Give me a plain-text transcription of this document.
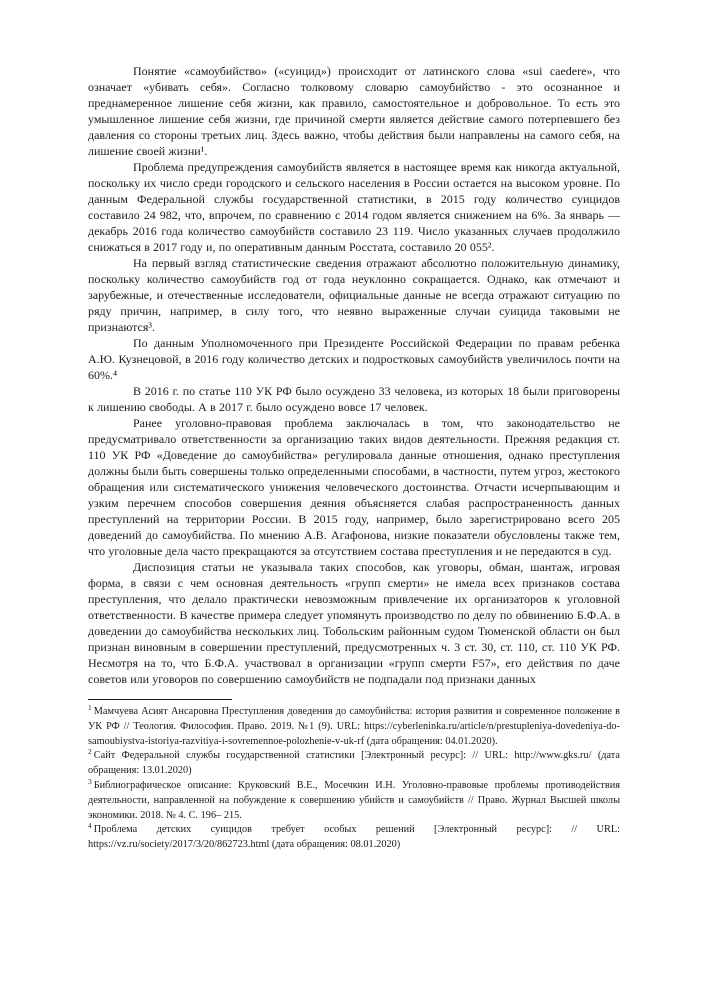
Понятие «самоубийство» («суицид») происходит от латинского слова «sui caedere», что означает «убивать себя». Согласно толковому словарю самоубийство - это осознанное и преднамеренное лишение себя жизни, как правило, самостоятельное и добровольное. То есть это умышленное лишение себя жизни, где причиной смерти является действие самого потерпевшего без давления со стороны третьих лиц. Здесь важно, чтобы действия были направлены на самого себя, на лишение своей жизни¹.

Проблема предупреждения самоубийств является в настоящее время как никогда актуальной, поскольку их число среди городского и сельского населения в России остается на высоком уровне. По данным Федеральной службы государственной статистики, в 2015 году количество суицидов составило 24 982, что, впрочем, по сравнению с 2014 годом является снижением на 6%. За январь — декабрь 2016 года количество самоубийств составило 23 119. Число указанных случаев продолжило снижаться в 2017 году и, по оперативным данным Росстата, составило 20 055².

На первый взгляд статистические сведения отражают абсолютно положительную динамику, поскольку количество самоубийств год от года неуклонно сокращается. Однако, как отмечают и зарубежные, и отечественные исследователи, официальные данные не всегда отражают ситуацию по ряду причин, например, в силу того, что неявно выраженные случаи суицида таковыми не признаются³.

По данным Уполномоченного при Президенте Российской Федерации по правам ребенка А.Ю. Кузнецовой, в 2016 году количество детских и подростковых самоубийств увеличилось почти на 60%.⁴

В 2016 г. по статье 110 УК РФ было осуждено 33 человека, из которых 18 были приговорены к лишению свободы. А в 2017 г. было осуждено вовсе 17 человек.

Ранее уголовно-правовая проблема заключалась в том, что законодательство не предусматривало ответственности за организацию таких видов деятельности. Прежняя редакция ст. 110 УК РФ «Доведение до самоубийства» регулировала данные отношения, однако преступления должны были быть совершены только определенными способами, в частности, путем угроз, жестокого обращения или систематического унижения человеческого достоинства. Отчасти исчерпывающим и узким перечнем способов совершения деяния объясняется слабая распространенность данных преступлений на территории России. В 2015 году, например, было зарегистрировано всего 205 доведений до самоубийства. По мнению А.В. Агафонова, низкие показатели обусловлены также тем, что уголовные дела часто прекращаются за отсутствием состава преступления и не передаются в суд.

Диспозиция статьи не указывала таких способов, как уговоры, обман, шантаж, игровая форма, в связи с чем основная деятельность «групп смерти» не имела всех признаков состава преступления, что делало практически невозможным привлечение их организаторов к уголовной ответственности. В качестве примера следует упомянуть производство по делу по обвинению Б.Ф.А. в доведении до самоубийства нескольких лиц. Тобольским районным судом Тюменской области он был признан виновным в совершении преступлений, предусмотренных ч. 3 ст. 30, ст. 110, ст. 110 УК РФ. Несмотря на то, что Б.Ф.А. участвовал в организации «групп смерти F57», его действия по даче советов или уговоров по совершению самоубийств не подпадали под признаки данных

$^1$ Мамчуева Асият Ансаровна Преступления доведения до самоубийства: история развития и современное положение в УК РФ // Теология. Философия. Право. 2019. №1 (9). URL: https://cyberleninka.ru/article/n/prestupleniya-dovedeniya-do-samoubiystva-istoriya-razvitiya-i-sovremennoe-polozhenie-v-uk-rf (дата обращения: 04.01.2020).

$^2$ Сайт Федеральной службы государственной статистики [Электронный ресурс]: // URL: http://www.gks.ru/ (дата обращения: 13.01.2020)

$^3$ Библиографическое описание: Круковский В.Е., Мосечкин И.Н. Уголовно-правовые проблемы противодействия деятельности, направленной на побуждение к совершению убийств и самоубийств // Право. Журнал Высшей школы экономики. 2018. № 4. С. 196– 215.

$^4$ Проблема детских суицидов требует особых решений [Электронный ресурс]: // URL: https://vz.ru/society/2017/3/20/862723.html (дата обращения: 08.01.2020)
